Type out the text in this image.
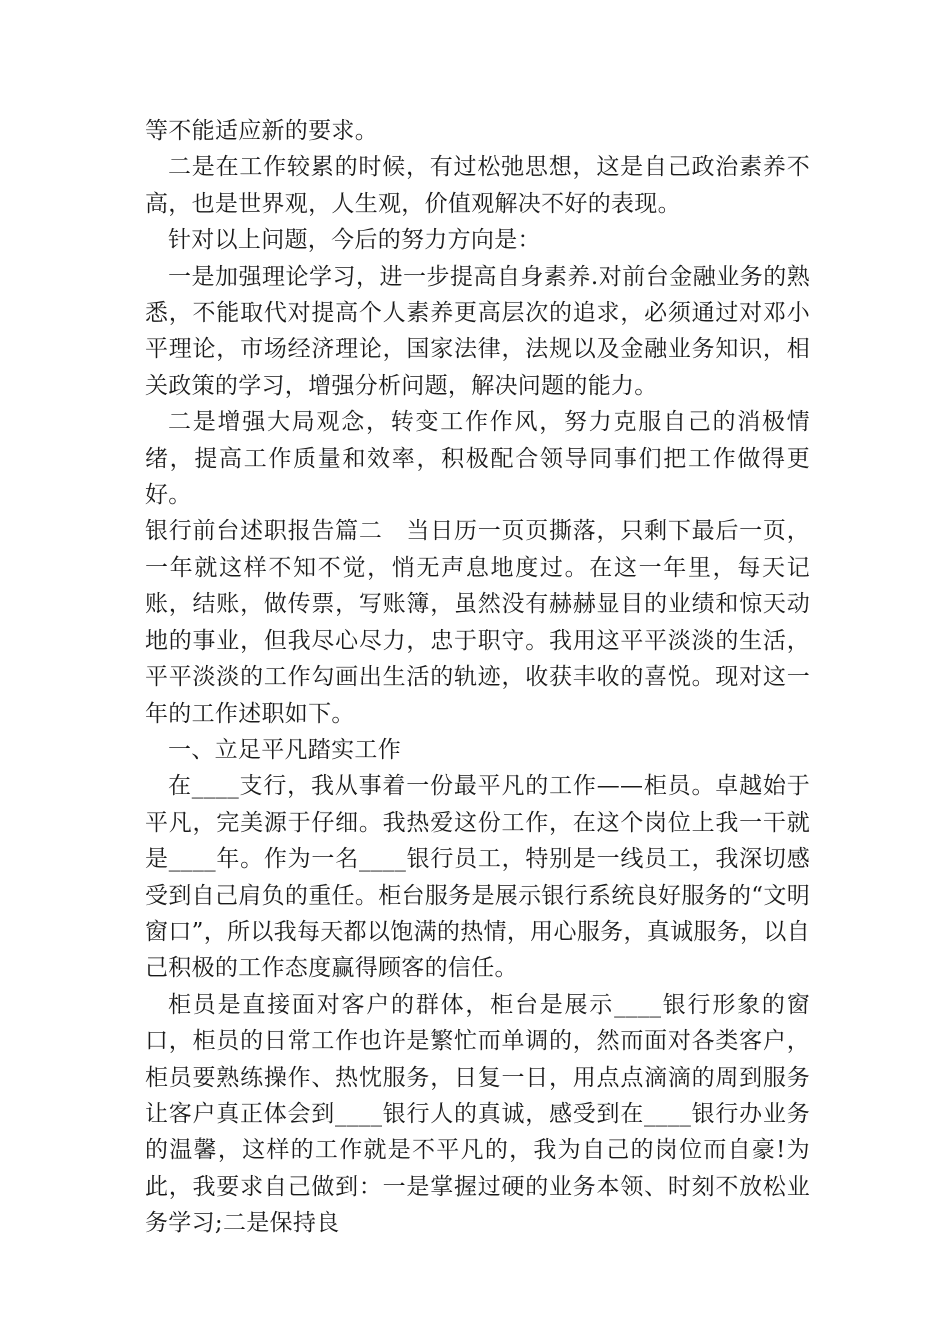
等不能适应新的要求。

二是在工作较累的时候，有过松弛思想，这是自己政治素养不高，也是世界观，人生观，价值观解决不好的表现。

针对以上问题，今后的努力方向是：

一是加强理论学习，进一步提高自身素养.对前台金融业务的熟悉，不能取代对提高个人素养更高层次的追求，必须通过对邓小平理论，市场经济理论，国家法律，法规以及金融业务知识，相关政策的学习，增强分析问题，解决问题的能力。

二是增强大局观念，转变工作作风，努力克服自己的消极情绪，提高工作质量和效率，积极配合领导同事们把工作做得更好。

银行前台述职报告篇二　当日历一页页撕落，只剩下最后一页，一年就这样不知不觉，悄无声息地度过。在这一年里，每天记账，结账，做传票，写账簿，虽然没有赫赫显目的业绩和惊天动地的事业，但我尽心尽力，忠于职守。我用这平平淡淡的生活，平平淡淡的工作勾画出生活的轨迹，收获丰收的喜悦。现对这一年的工作述职如下。

一、立足平凡踏实工作

在____支行，我从事着一份最平凡的工作——柜员。卓越始于平凡，完美源于仔细。我热爱这份工作，在这个岗位上我一干就是____年。作为一名____银行员工，特别是一线员工，我深切感受到自己肩负的重任。柜台服务是展示银行系统良好服务的“文明窗口”，所以我每天都以饱满的热情，用心服务，真诚服务，以自己积极的工作态度赢得顾客的信任。

柜员是直接面对客户的群体，柜台是展示____银行形象的窗口，柜员的日常工作也许是繁忙而单调的，然而面对各类客户，柜员要熟练操作、热忱服务，日复一日，用点点滴滴的周到服务让客户真正体会到____银行人的真诚，感受到在____银行办业务的温馨，这样的工作就是不平凡的，我为自己的岗位而自豪!为此，我要求自己做到：一是掌握过硬的业务本领、时刻不放松业务学习;二是保持良
